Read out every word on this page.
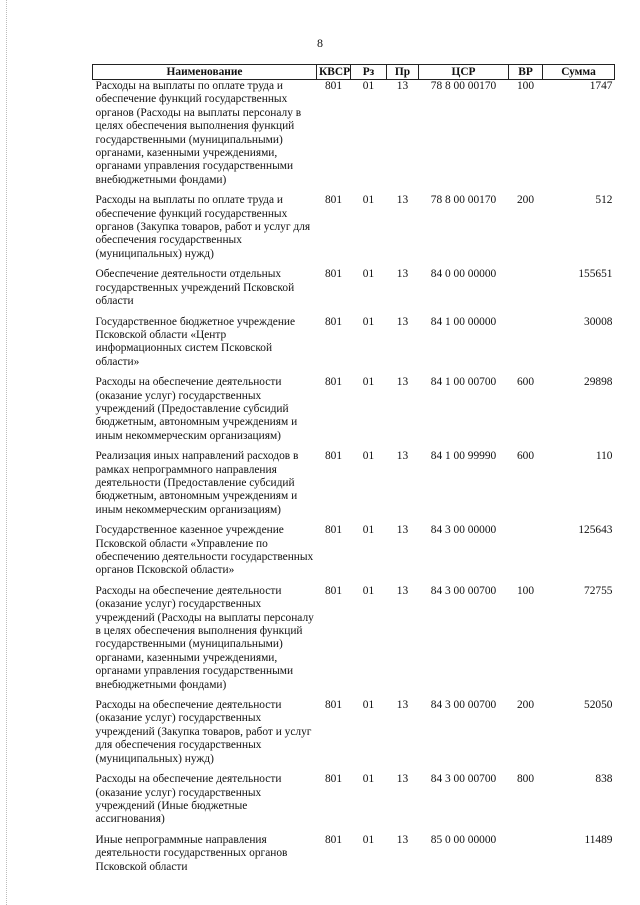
8
Наименование	КВСР	Рз	Пр	ЦСР	ВР	Сумма
Расходы на выплаты по оплате труда и обеспечение функций государственных органов (Расходы на выплаты персоналу в целях обеспечения выполнения функций государственными (муниципальными) органами, казенными учреждениями, органами управления государственными внебюджетными фондами)	801	01	13	78 8 00 00170	100	1747
Расходы на выплаты по оплате труда и обеспечение функций государственных органов (Закупка товаров, работ и услуг для обеспечения государственных (муниципальных) нужд)	801	01	13	78 8 00 00170	200	512
Обеспечение деятельности отдельных государственных учреждений Псковской области	801	01	13	84 0 00 00000		155651
Государственное бюджетное учреждение Псковской области «Центр информационных систем Псковской области»	801	01	13	84 1 00 00000		30008
Расходы на обеспечение деятельности (оказание услуг) государственных учреждений (Предоставление субсидий бюджетным, автономным учреждениям и иным некоммерческим организациям)	801	01	13	84 1 00 00700	600	29898
Реализация иных направлений расходов в рамках непрограммного направления деятельности (Предоставление субсидий бюджетным, автономным учреждениям и иным некоммерческим организациям)	801	01	13	84 1 00 99990	600	110
Государственное казенное учреждение Псковской области «Управление по обеспечению деятельности государственных органов Псковской области»	801	01	13	84 3 00 00000		125643
Расходы на обеспечение деятельности (оказание услуг) государственных учреждений (Расходы на выплаты персоналу в целях обеспечения выполнения функций государственными (муниципальными) органами, казенными учреждениями, органами управления государственными внебюджетными фондами)	801	01	13	84 3 00 00700	100	72755
Расходы на обеспечение деятельности (оказание услуг) государственных учреждений (Закупка товаров, работ и услуг для обеспечения государственных (муниципальных) нужд)	801	01	13	84 3 00 00700	200	52050
Расходы на обеспечение деятельности (оказание услуг) государственных учреждений (Иные бюджетные ассигнования)	801	01	13	84 3 00 00700	800	838
Иные непрограммные направления деятельности государственных органов Псковской области	801	01	13	85 0 00 00000		11489
